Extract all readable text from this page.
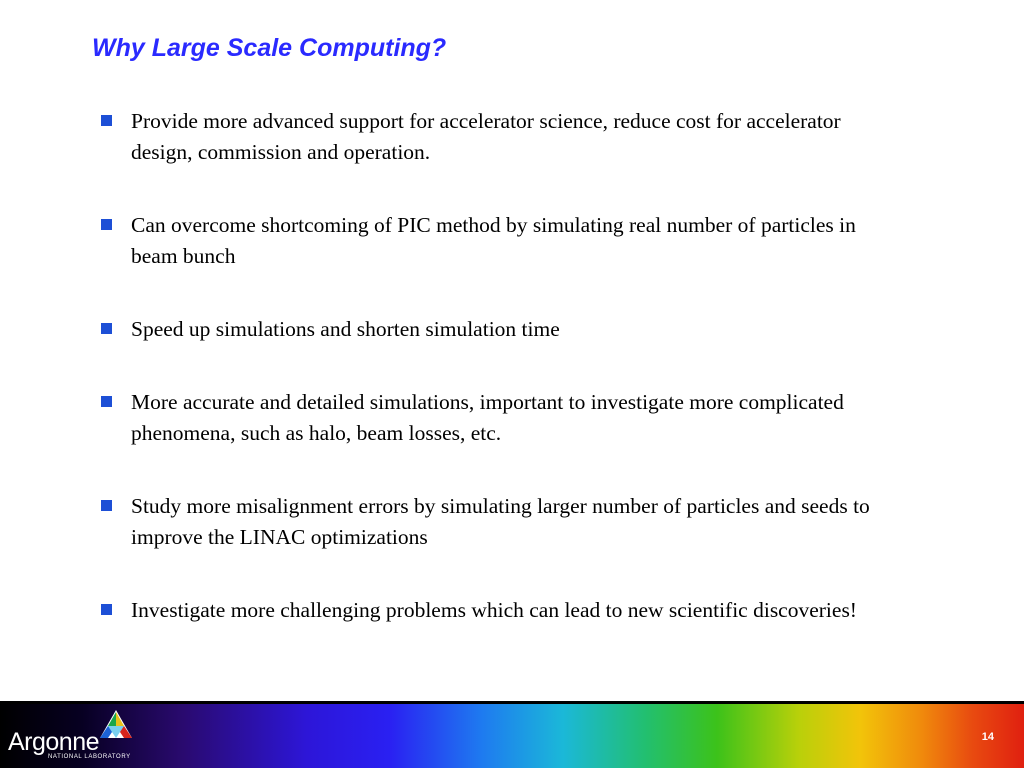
Why Large Scale Computing?
Provide more advanced support for accelerator science, reduce cost for accelerator design, commission and operation.
Can overcome shortcoming of PIC method by simulating real number of particles in beam bunch
Speed up simulations and shorten simulation time
More accurate and detailed simulations, important to investigate more complicated phenomena, such as halo, beam losses, etc.
Study more misalignment errors by simulating larger number of particles and seeds to improve the LINAC optimizations
Investigate more challenging problems which can lead to new scientific discoveries!
Argonne
NATIONAL LABORATORY
14
